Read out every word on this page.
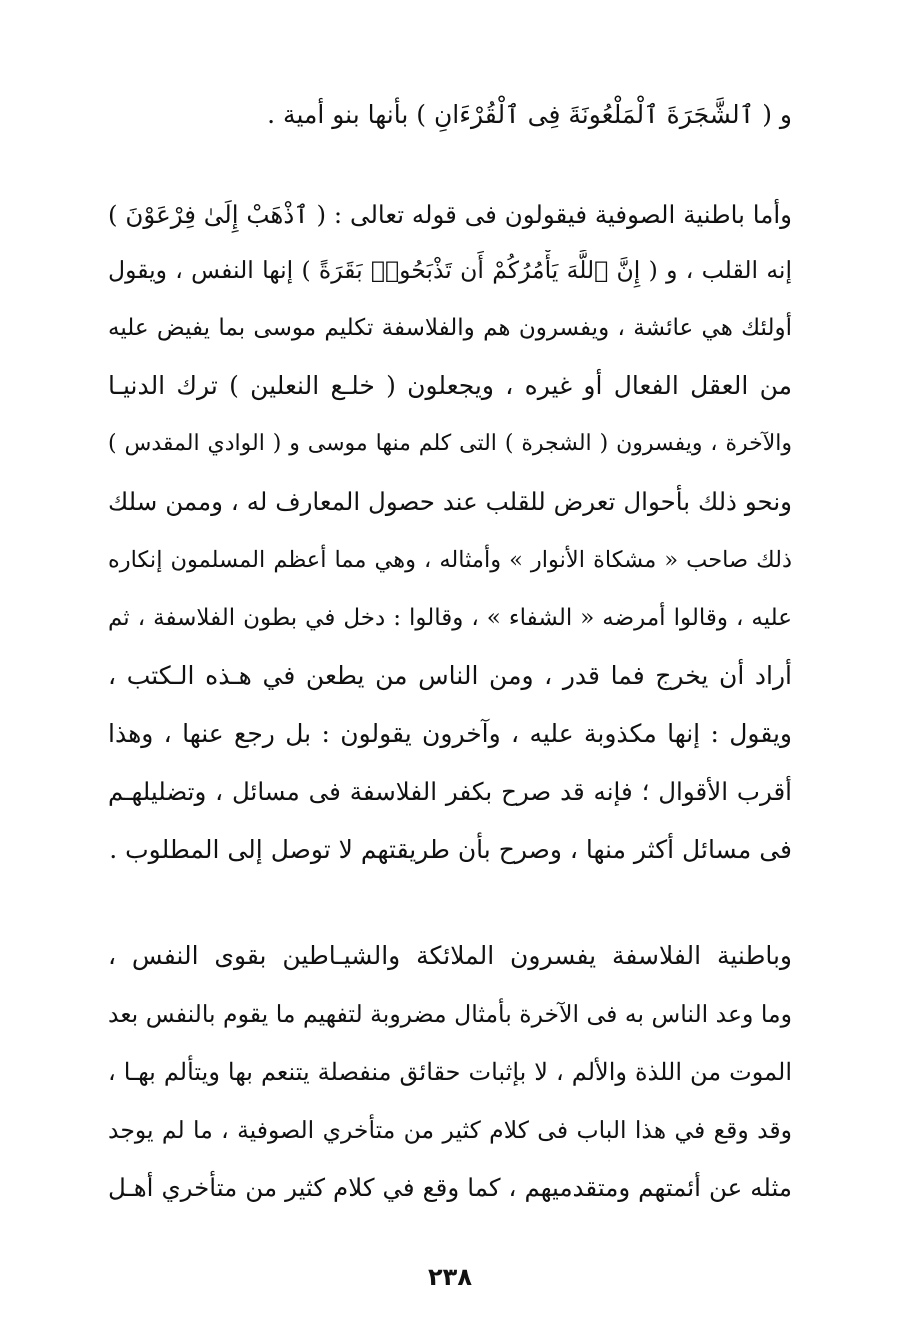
و ( ٱلشَّجَرَةَ ٱلْمَلْعُونَةَ فِى ٱلْقُرْءَانِ ) بأنها بنو أمية .
وأما باطنية الصوفية فيقولون فى قوله تعالى : ( ٱذْهَبْ إِلَىٰ فِرْعَوْنَ )
إنه القلب ، و ( إِنَّ ٱللَّهَ يَأْمُرُكُمْ أَن تَذْبَحُوا۟ بَقَرَةً ) إنها النفس ، ويقول
أولئك هي عائشة ، ويفسرون هم والفلاسفة تكليم موسى بما يفيض عليه
من العقل الفعال أو غيره ، ويجعلون ( خلـع النعلين ) ترك الدنيـا
والآخرة ، ويفسرون ( الشجرة ) التى كلم منها موسى و ( الوادي المقدس )
ونحو ذلك بأحوال تعرض للقلب عند حصول المعارف له ، وممن سلك
ذلك صاحب « مشكاة الأنوار » وأمثاله ، وهي مما أعظم المسلمون إنكاره
عليه ، وقالوا أمرضه « الشفاء » ، وقالوا : دخل في بطون الفلاسفة ، ثم
أراد أن يخرج فما قدر ، ومن الناس من يطعن في هـذه الـكتب ،
ويقول : إنها مكذوبة عليه ، وآخرون يقولون : بل رجع عنها ، وهذا
أقرب الأقوال ؛ فإنه قد صرح بكفر الفلاسفة فى مسائل ، وتضليلهـم
فى مسائل أكثر منها ، وصرح بأن طريقتهم لا توصل إلى المطلوب .
وباطنية الفلاسفة يفسرون الملائكة والشيـاطين بقوى النفس ،
وما وعد الناس به فى الآخرة بأمثال مضروبة لتفهيم ما يقوم بالنفس بعد
الموت من اللذة والألم ، لا بإثبات حقائق منفصلة يتنعم بها ويتألم بهـا ،
وقد وقع في هذا الباب فى كلام كثير من متأخري الصوفية ، ما لم يوجد
مثله عن أئمتهم ومتقدميهم ، كما وقع في كلام كثير من متأخري أهـل
٢٣٨
